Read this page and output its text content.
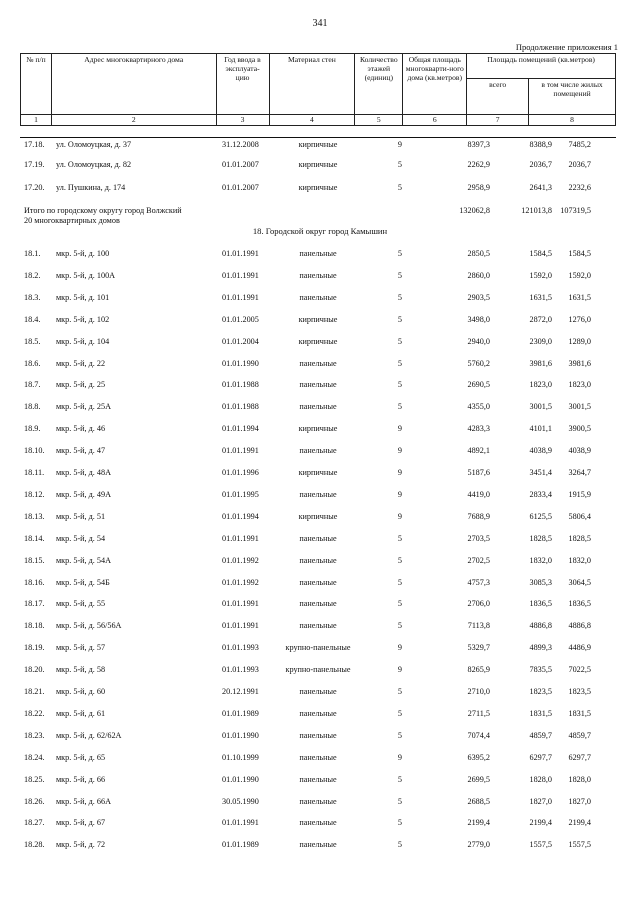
341
Продолжение приложения 1
№ п/п	Адрес многоквартирного дома	Год ввода в эксплуата-цию	Материал стен	Количество этажей (единиц)	Общая площадь многокварти-ного дома (кв.метров)	Площадь помещений (кв.метров)	
						всего	в том числе жилых помещений
1	2	3	4	5	6	7	8
17.18. ул. Оломоуцкая, д. 37	31.12.2008	кирпичные	9	8397,3	8388,9	7485,2
17.19. ул. Оломоуцкая, д. 82	01.01.2007	кирпичные	5	2262,9	2036,7	2036,7
17.20. ул. Пушкина, д. 174	01.01.2007	кирпичные	5	2958,9	2641,3	2232,6
18.1. мкр. 5-й, д. 100	01.01.1991	панельные	5	2850,5	1584,5	1584,5
18.2. мкр. 5-й, д. 100А	01.01.1991	панельные	5	2860,0	1592,0	1592,0
18.3. мкр. 5-й, д. 101	01.01.1991	панельные	5	2903,5	1631,5	1631,5
18.4. мкр. 5-й, д. 102	01.01.2005	кирпичные	5	3498,0	2872,0	1276,0
18.5. мкр. 5-й, д. 104	01.01.2004	кирпичные	5	2940,0	2309,0	1289,0
18.6. мкр. 5-й, д. 22	01.01.1990	панельные	5	5760,2	3981,6	3981,6
18.7. мкр. 5-й, д. 25	01.01.1988	панельные	5	2690,5	1823,0	1823,0
18.8. мкр. 5-й, д. 25А	01.01.1988	панельные	5	4355,0	3001,5	3001,5
18.9. мкр. 5-й, д. 46	01.01.1994	кирпичные	9	4283,3	4101,1	3900,5
18.10. мкр. 5-й, д. 47	01.01.1991	панельные	9	4892,1	4038,9	4038,9
18.11. мкр. 5-й, д. 48А	01.01.1996	кирпичные	9	5187,6	3451,4	3264,7
18.12. мкр. 5-й, д. 49А	01.01.1995	панельные	9	4419,0	2833,4	1915,9
18.13. мкр. 5-й, д. 51	01.01.1994	кирпичные	9	7688,9	6125,5	5806,4
18.14. мкр. 5-й, д. 54	01.01.1991	панельные	5	2703,5	1828,5	1828,5
18.15. мкр. 5-й, д. 54А	01.01.1992	панельные	5	2702,5	1832,0	1832,0
18.16. мкр. 5-й, д. 54Б	01.01.1992	панельные	5	4757,3	3085,3	3064,5
18.17. мкр. 5-й, д. 55	01.01.1991	панельные	5	2706,0	1836,5	1836,5
18.18. мкр. 5-й, д. 56/56А	01.01.1991	панельные	5	7113,8	4886,8	4886,8
18.19. мкр. 5-й, д. 57	01.01.1993	крупно-панельные	9	5329,7	4899,3	4486,9
18.20. мкр. 5-й, д. 58	01.01.1993	крупно-панельные	9	8265,9	7835,5	7022,5
18.21. мкр. 5-й, д. 60	20.12.1991	панельные	5	2710,0	1823,5	1823,5
18.22. мкр. 5-й, д. 61	01.01.1989	панельные	5	2711,5	1831,5	1831,5
18.23. мкр. 5-й, д. 62/62А	01.01.1990	панельные	5	7074,4	4859,7	4859,7
18.24. мкр. 5-й, д. 65	01.10.1999	панельные	9	6395,2	6297,7	6297,7
18.25. мкр. 5-й, д. 66	01.01.1990	панельные	5	2699,5	1828,0	1828,0
18.26. мкр. 5-й, д. 66А	30.05.1990	панельные	5	2688,5	1827,0	1827,0
18.27. мкр. 5-й, д. 67	01.01.1991	панельные	5	2199,4	2199,4	2199,4
18.28. мкр. 5-й, д. 72	01.01.1989	панельные	5	2779,0	1557,5	1557,5
Итого по городскому округу город Волжский
20 многоквартирных домов
132062,8	121013,8	107319,5
18. Городской округ город Камышин
